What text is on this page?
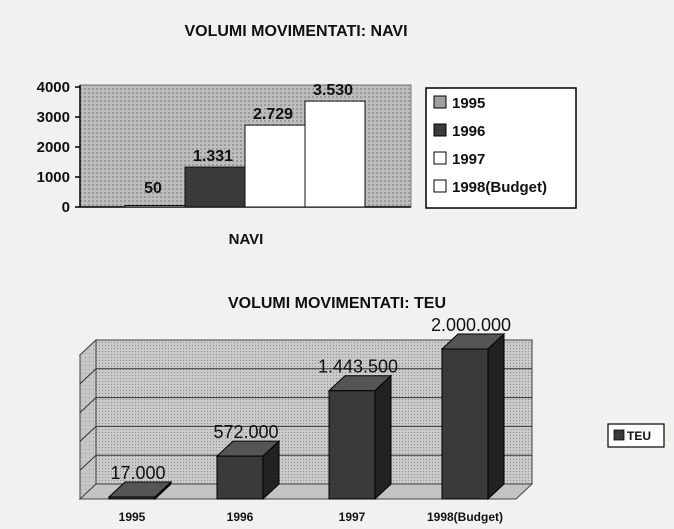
VOLUMI MOVIMENTATI: NAVI
0
1000
2000
3000
4000
50
1.331
2.729
3.530
NAVI
1995
1996
1997
1998(Budget)
VOLUMI MOVIMENTATI: TEU
17.000
572.000
1.443.500
2.000.000
1995	1996	1997	1998(Budget)
TEU
